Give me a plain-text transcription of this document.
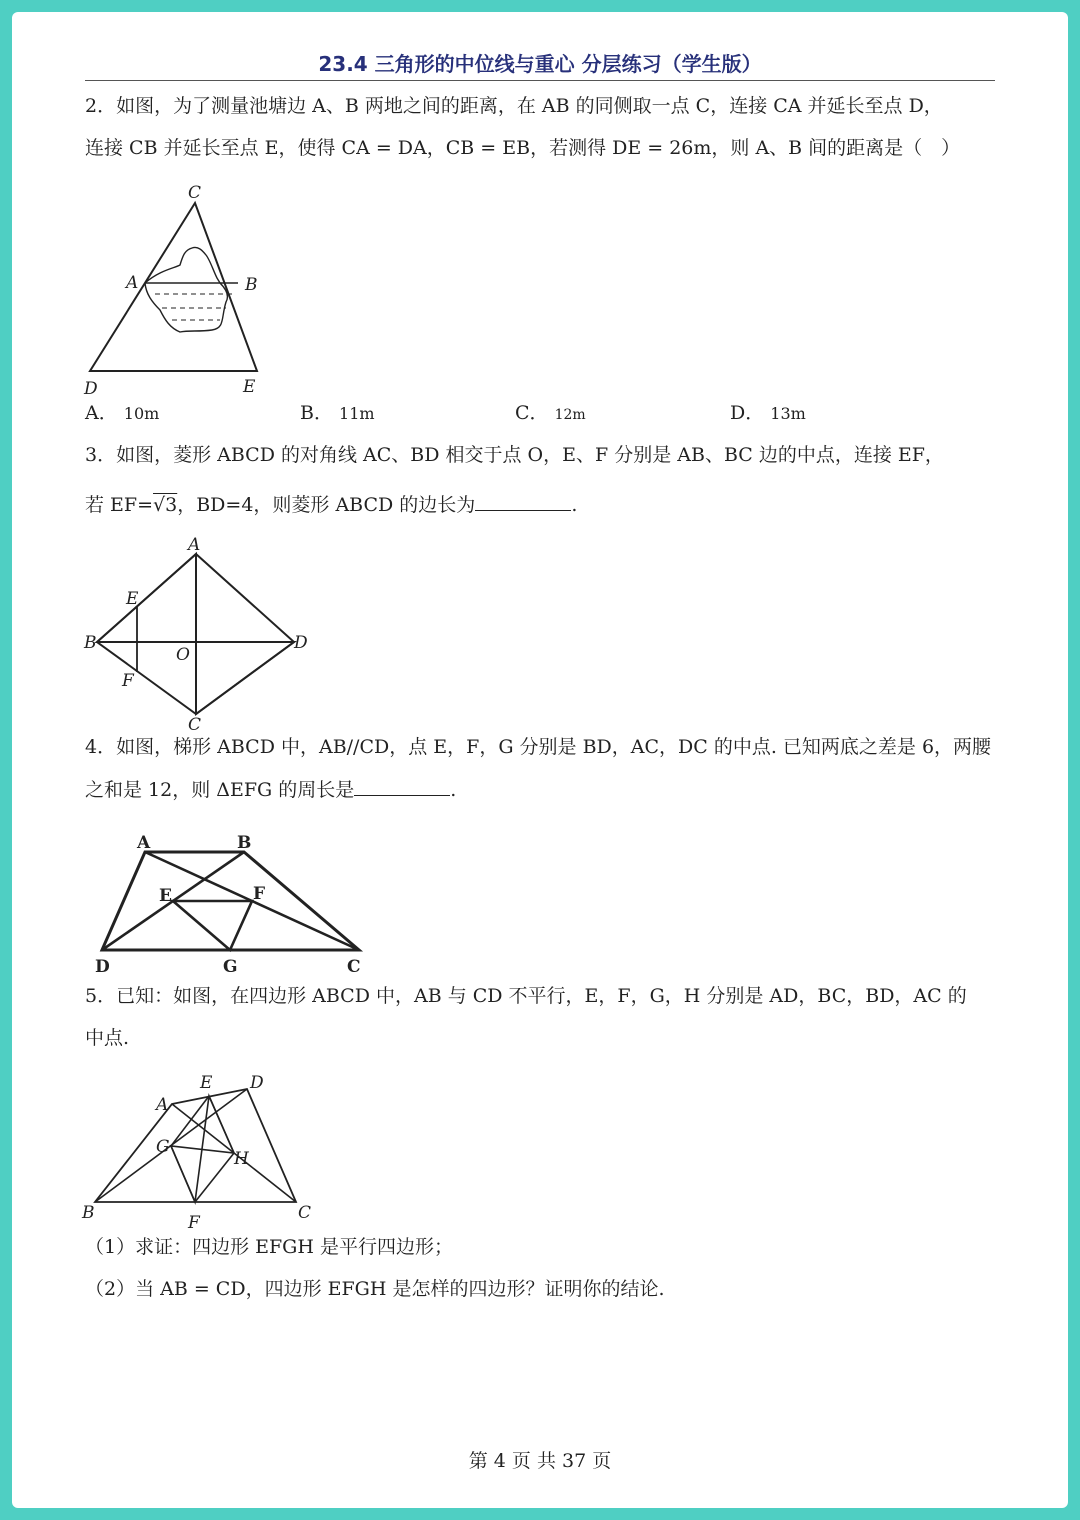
23.4 三角形的中位线与重心 分层练习（学生版）
2．如图，为了测量池塘边 A、B 两地之间的距离，在 AB 的同侧取一点 C，连接 CA 并延长至点 D，
连接 CB 并延长至点 E，使得 CA = DA，CB = EB，若测得 DE = 26m，则 A、B 间的距离是（　）
C
A	B
D	E
A． 10m	B． 11m	C． 12m	D． 13m
3．如图，菱形 ABCD 的对角线 AC、BD 相交于点 O，E、F 分别是 AB、BC 边的中点，连接 EF，
若 EF=√3，BD=4，则菱形 ABCD 的边长为	.
A
B
C
D
E
F
O
4．如图，梯形 ABCD 中，AB//CD，点 E，F，G 分别是 BD，AC，DC 的中点. 已知两底之差是 6，两腰
之和是 12，则 ΔEFG 的周长是	.
A	B
C
D
E	F
G
5．已知：如图，在四边形 ABCD 中，AB 与 CD 不平行，E，F，G，H 分别是 AD，BC，BD，AC 的
中点.
A
B	C
D
E
F
G
H
（1）求证：四边形 EFGH 是平行四边形；
（2）当 AB = CD，四边形 EFGH 是怎样的四边形？证明你的结论.
第 4 页 共 37 页
